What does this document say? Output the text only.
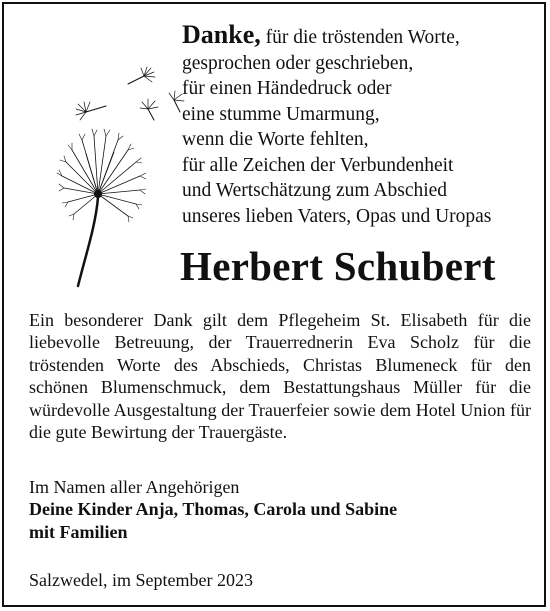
Danke, für die tröstenden Worte,
gesprochen oder geschrieben,
für einen Händedruck oder
eine stumme Umarmung,
wenn die Worte fehlten,
für alle Zeichen der Verbundenheit
und Wertschätzung zum Abschied
unseres lieben Vaters, Opas und Uropas
Herbert Schubert
Ein besonderer Dank gilt dem Pflegeheim St. Elisabeth für die liebevolle Betreuung, der Trauerrednerin Eva Scholz für die tröstenden Worte des Abschieds, Christas Blumeneck für den schönen Blumenschmuck, dem Bestattungshaus Müller für die würdevolle Ausgestaltung der Trauerfeier sowie dem Hotel Union für die gute Bewirtung der Trauergäste.
Im Namen aller Angehörigen
Deine Kinder Anja, Thomas, Carola und Sabine
mit Familien
Salzwedel, im September 2023
